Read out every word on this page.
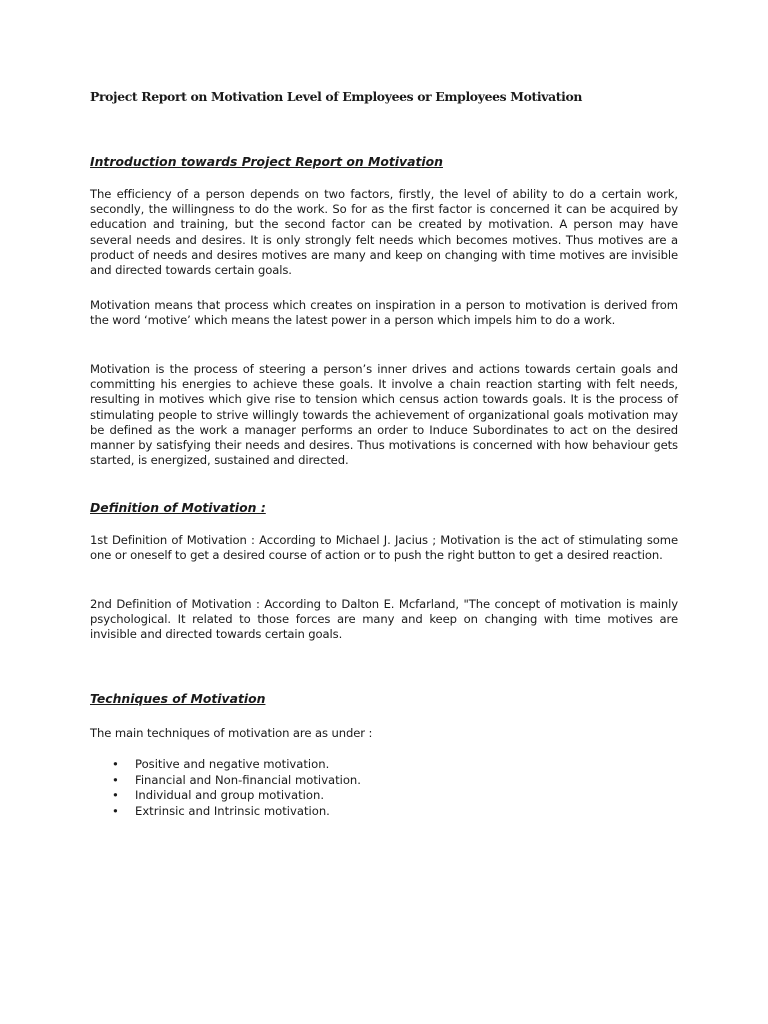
Project Report on Motivation Level of Employees or Employees Motivation
Introduction towards Project Report on Motivation

The efficiency of a person depends on two factors, firstly, the level of ability to do a certain work, secondly, the willingness to do the work. So for as the first factor is concerned it can be acquired by education and training, but the second factor can be created by motivation. A person may have several needs and desires. It is only strongly felt needs which becomes motives. Thus motives are a product of needs and desires motives are many and keep on changing with time motives are invisible and directed towards certain goals.

Motivation means that process which creates on inspiration in a person to motivation is derived from the word ‘motive’ which means the latest power in a person which impels him to do a work.

Motivation is the process of steering a person’s inner drives and actions towards certain goals and committing his energies to achieve these goals. It involve a chain reaction starting with felt needs, resulting in motives which give rise to tension which census action towards goals. It is the process of stimulating people to strive willingly towards the achievement of organizational goals motivation may be defined as the work a manager performs an order to Induce Subordinates to act on the desired manner by satisfying their needs and desires. Thus motivations is concerned with how behaviour gets started, is energized, sustained and directed.

Definition of Motivation :

1st Definition of Motivation : According to Michael J. Jacius ; Motivation is the act of stimulating some one or oneself to get a desired course of action or to push the right button to get a desired reaction.

2nd Definition of Motivation : According to Dalton E. Mcfarland, "The concept of motivation is mainly psychological. It related to those forces are many and keep on changing with time motives are invisible and directed towards certain goals.

Techniques of Motivation

The main techniques of motivation are as under :

• Positive and negative motivation.
• Financial and Non-financial motivation.
• Individual and group motivation.
• Extrinsic and Intrinsic motivation.
